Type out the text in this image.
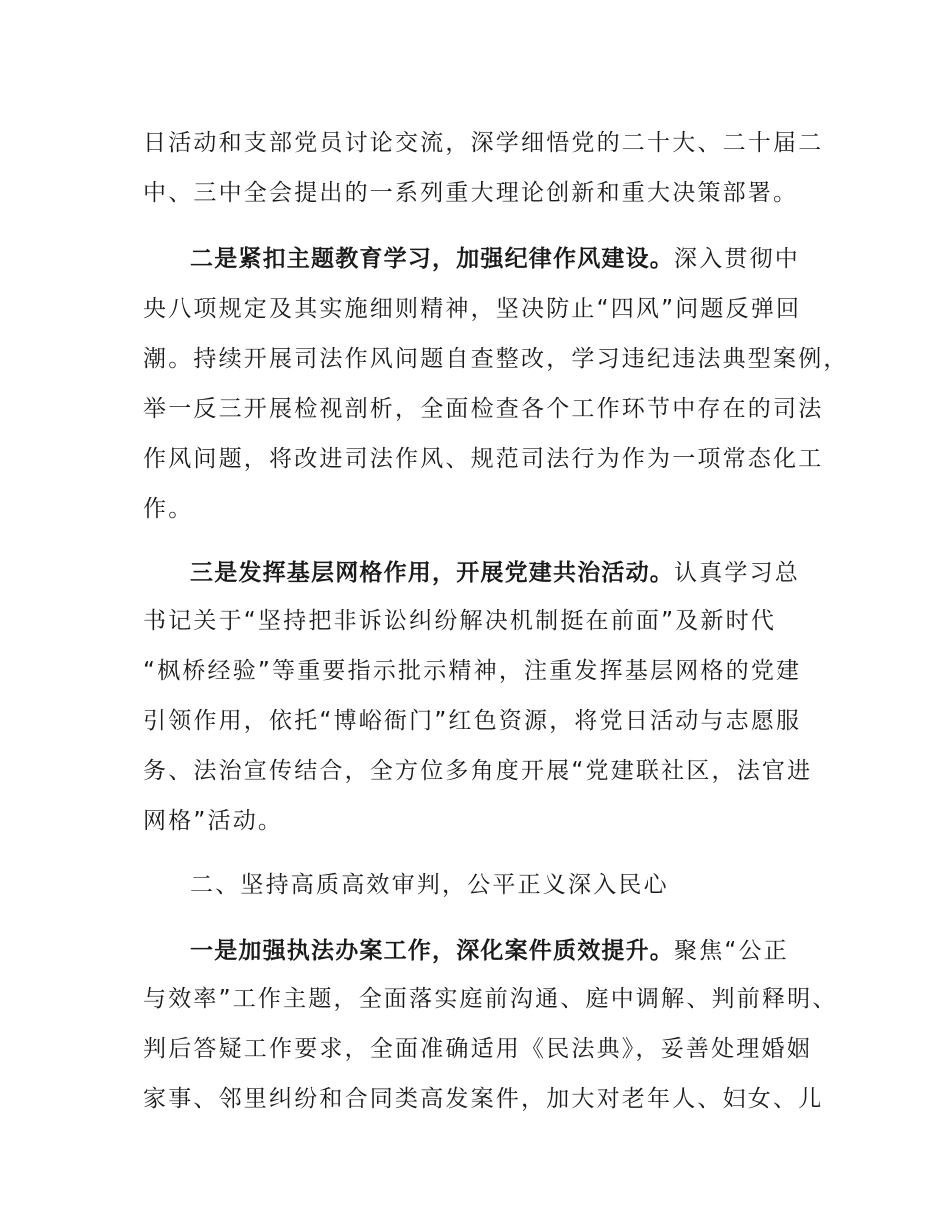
日活动和支部党员讨论交流，深学细悟党的二十大、二十届二
中、三中全会提出的一系列重大理论创新和重大决策部署。
二是紧扣主题教育学习，加强纪律作风建设。深入贯彻中
央八项规定及其实施细则精神，坚决防止“四风”问题反弹回
潮。持续开展司法作风问题自查整改，学习违纪违法典型案例，
举一反三开展检视剖析，全面检查各个工作环节中存在的司法
作风问题，将改进司法作风、规范司法行为作为一项常态化工
作。
三是发挥基层网格作用，开展党建共治活动。认真学习总
书记关于“坚持把非诉讼纠纷解决机制挺在前面”及新时代
“枫桥经验”等重要指示批示精神，注重发挥基层网格的党建
引领作用，依托“博峪衙门”红色资源，将党日活动与志愿服
务、法治宣传结合，全方位多角度开展“党建联社区，法官进
网格”活动。
二、坚持高质高效审判，公平正义深入民心
一是加强执法办案工作，深化案件质效提升。聚焦“公正
与效率”工作主题，全面落实庭前沟通、庭中调解、判前释明、
判后答疑工作要求，全面准确适用《民法典》，妥善处理婚姻
家事、邻里纠纷和合同类高发案件，加大对老年人、妇女、儿
